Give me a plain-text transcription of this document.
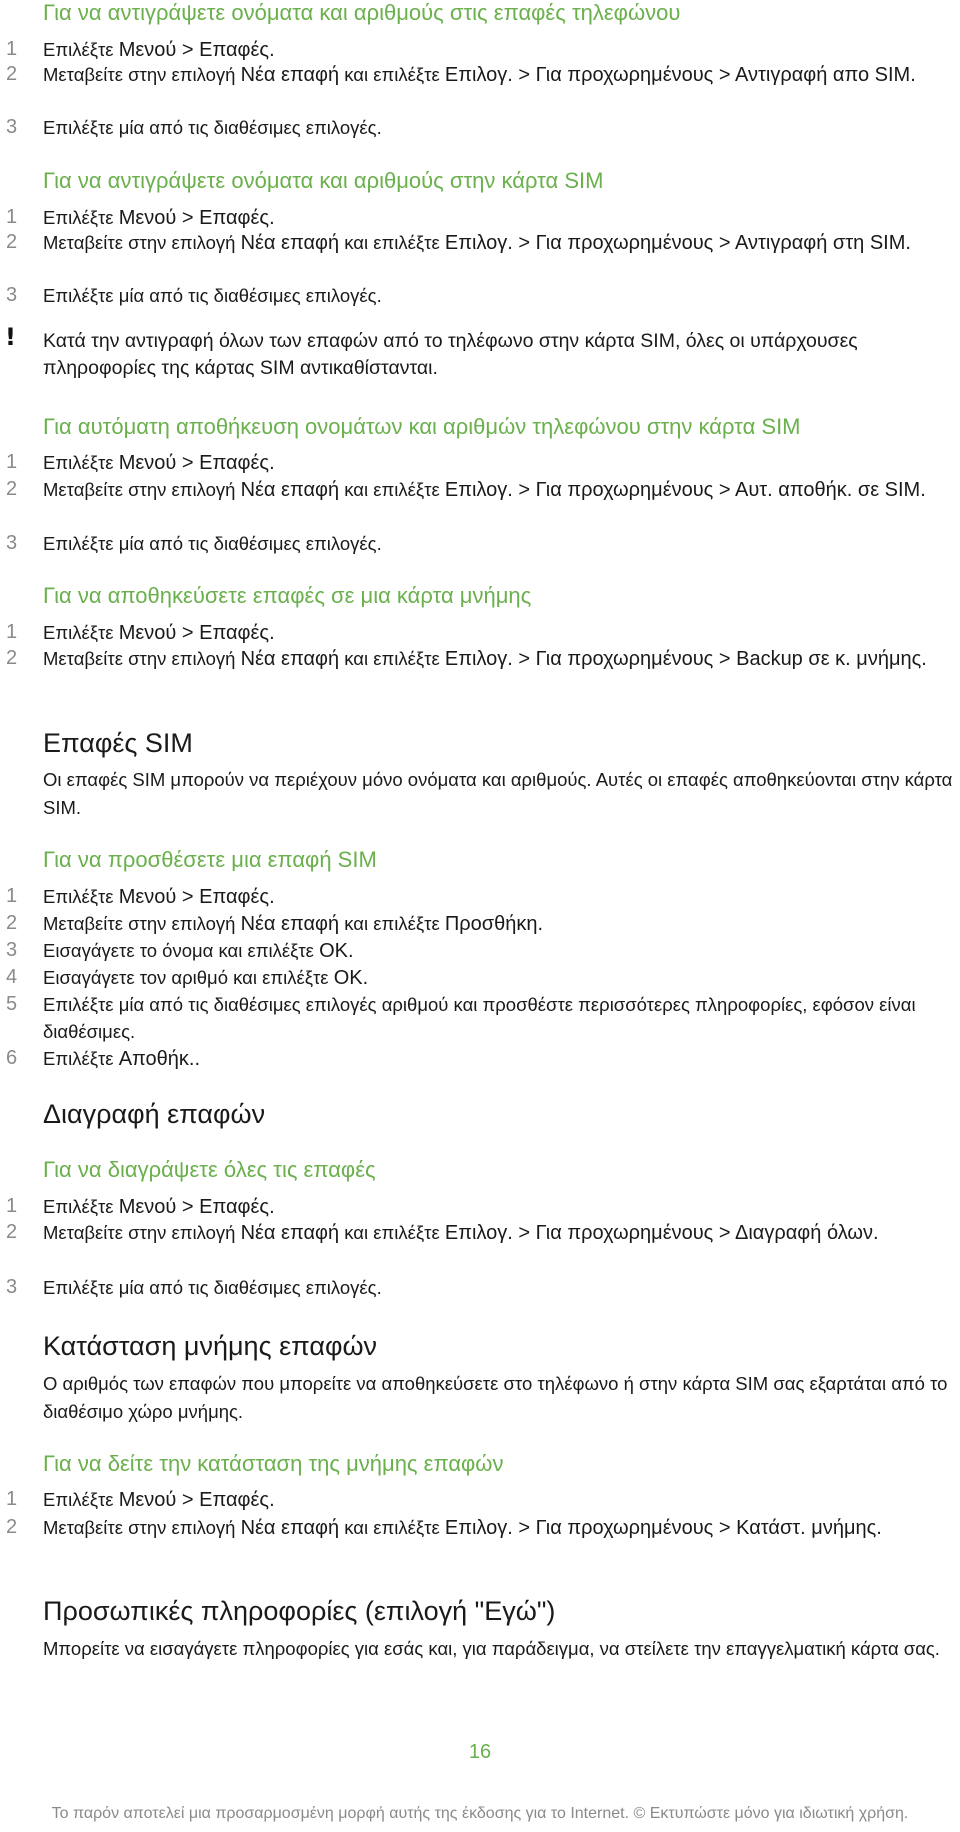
Για να αντιγράψετε ονόματα και αριθμούς στις επαφές τηλεφώνου
1	Επιλέξτε Μενού > Επαφές.
2	Μεταβείτε στην επιλογή Νέα επαφή και επιλέξτε Επιλογ. > Για προχωρημένους > Αντιγραφή απο SIM.
3	Επιλέξτε μία από τις διαθέσιμες επιλογές.
Για να αντιγράψετε ονόματα και αριθμούς στην κάρτα SIM
1	Επιλέξτε Μενού > Επαφές.
2	Μεταβείτε στην επιλογή Νέα επαφή και επιλέξτε Επιλογ. > Για προχωρημένους > Αντιγραφή στη SIM.
3	Επιλέξτε μία από τις διαθέσιμες επιλογές.
! Κατά την αντιγραφή όλων των επαφών από το τηλέφωνο στην κάρτα SIM, όλες οι υπάρχουσες πληροφορίες της κάρτας SIM αντικαθίστανται.
Για αυτόματη αποθήκευση ονομάτων και αριθμών τηλεφώνου στην κάρτα SIM
1	Επιλέξτε Μενού > Επαφές.
2	Μεταβείτε στην επιλογή Νέα επαφή και επιλέξτε Επιλογ. > Για προχωρημένους > Αυτ. αποθήκ. σε SIM.
3	Επιλέξτε μία από τις διαθέσιμες επιλογές.
Για να αποθηκεύσετε επαφές σε μια κάρτα μνήμης
1	Επιλέξτε Μενού > Επαφές.
2	Μεταβείτε στην επιλογή Νέα επαφή και επιλέξτε Επιλογ. > Για προχωρημένους > Backup σε κ. μνήμης.
Επαφές SIM
Οι επαφές SIM μπορούν να περιέχουν μόνο ονόματα και αριθμούς. Αυτές οι επαφές αποθηκεύονται στην κάρτα SIM.
Για να προσθέσετε μια επαφή SIM
1	Επιλέξτε Μενού > Επαφές.
2	Μεταβείτε στην επιλογή Νέα επαφή και επιλέξτε Προσθήκη.
3	Εισαγάγετε το όνομα και επιλέξτε OK.
4	Εισαγάγετε τον αριθμό και επιλέξτε OK.
5	Επιλέξτε μία από τις διαθέσιμες επιλογές αριθμού και προσθέστε περισσότερες πληροφορίες, εφόσον είναι διαθέσιμες.
6	Επιλέξτε Αποθήκ..
Διαγραφή επαφών
Για να διαγράψετε όλες τις επαφές
1	Επιλέξτε Μενού > Επαφές.
2	Μεταβείτε στην επιλογή Νέα επαφή και επιλέξτε Επιλογ. > Για προχωρημένους > Διαγραφή όλων.
3	Επιλέξτε μία από τις διαθέσιμες επιλογές.
Κατάσταση μνήμης επαφών
Ο αριθμός των επαφών που μπορείτε να αποθηκεύσετε στο τηλέφωνο ή στην κάρτα SIM σας εξαρτάται από το διαθέσιμο χώρο μνήμης.
Για να δείτε την κατάσταση της μνήμης επαφών
1	Επιλέξτε Μενού > Επαφές.
2	Μεταβείτε στην επιλογή Νέα επαφή και επιλέξτε Επιλογ. > Για προχωρημένους > Κατάστ. μνήμης.
Προσωπικές πληροφορίες (επιλογή "Εγώ")
Μπορείτε να εισαγάγετε πληροφορίες για εσάς και, για παράδειγμα, να στείλετε την επαγγελματική κάρτα σας.
16
Το παρόν αποτελεί μια προσαρμοσμένη μορφή αυτής της έκδοσης για το Internet. © Εκτυπώστε μόνο για ιδιωτική χρήση.
